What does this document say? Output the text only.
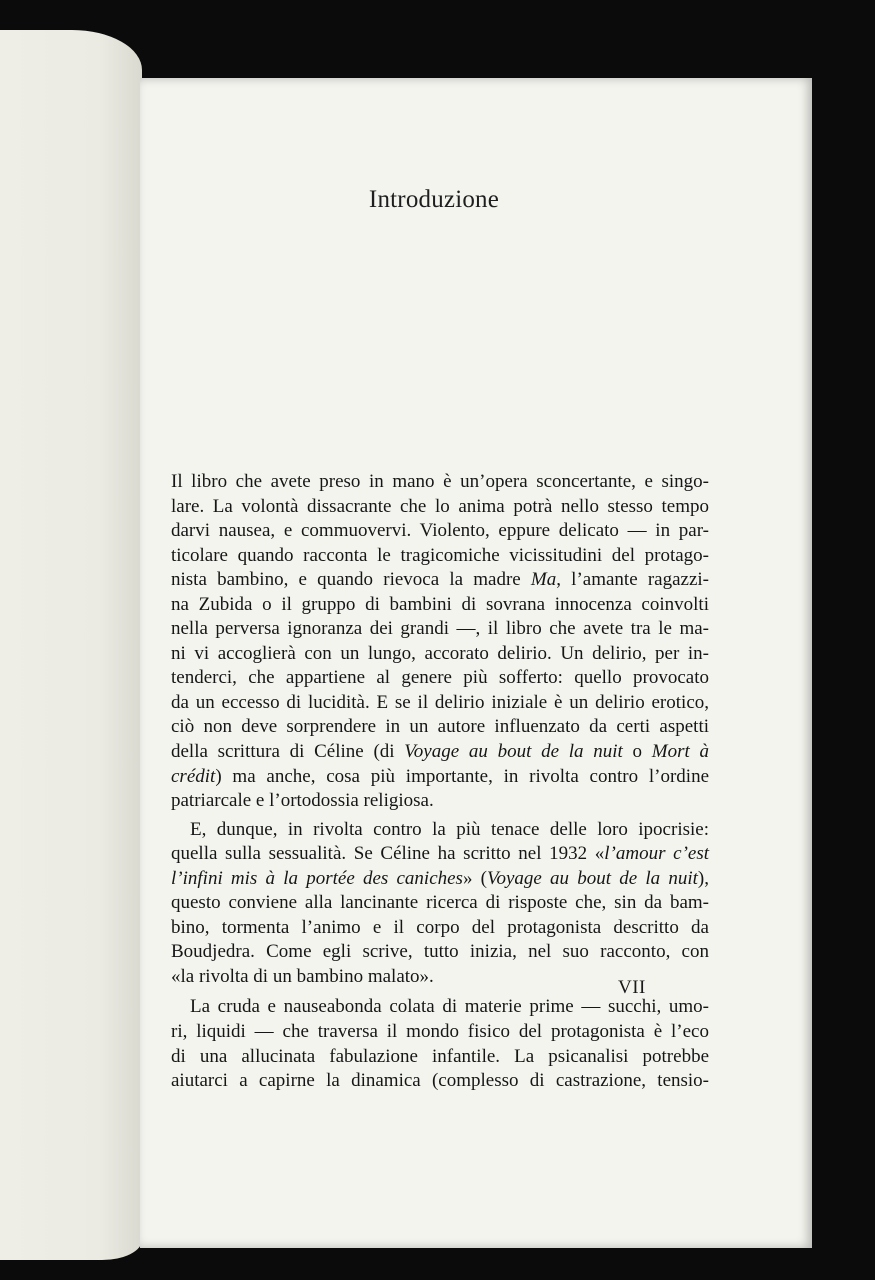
Introduzione
Il libro che avete preso in mano è un’opera sconcertante, e singo-
lare. La volontà dissacrante che lo anima potrà nello stesso tempo
darvi nausea, e commuovervi. Violento, eppure delicato — in par-
ticolare quando racconta le tragicomiche vicissitudini del protago-
nista bambino, e quando rievoca la madre Ma, l’amante ragazzi-
na Zubida o il gruppo di bambini di sovrana innocenza coinvolti
nella perversa ignoranza dei grandi —, il libro che avete tra le ma-
ni vi accoglierà con un lungo, accorato delirio. Un delirio, per in-
tenderci, che appartiene al genere più sofferto: quello provocato
da un eccesso di lucidità. E se il delirio iniziale è un delirio erotico,
ciò non deve sorprendere in un autore influenzato da certi aspetti
della scrittura di Céline (di Voyage au bout de la nuit o Mort à
crédit) ma anche, cosa più importante, in rivolta contro l’ordine
patriarcale e l’ortodossia religiosa.
E, dunque, in rivolta contro la più tenace delle loro ipocrisie:
quella sulla sessualità. Se Céline ha scritto nel 1932 «l’amour c’est
l’infini mis à la portée des caniches» (Voyage au bout de la nuit),
questo conviene alla lancinante ricerca di risposte che, sin da bam-
bino, tormenta l’animo e il corpo del protagonista descritto da
Boudjedra. Come egli scrive, tutto inizia, nel suo racconto, con
«la rivolta di un bambino malato».
La cruda e nauseabonda colata di materie prime — succhi, umo-
ri, liquidi — che traversa il mondo fisico del protagonista è l’eco
di una allucinata fabulazione infantile. La psicanalisi potrebbe
aiutarci a capirne la dinamica (complesso di castrazione, tensio-
VII
